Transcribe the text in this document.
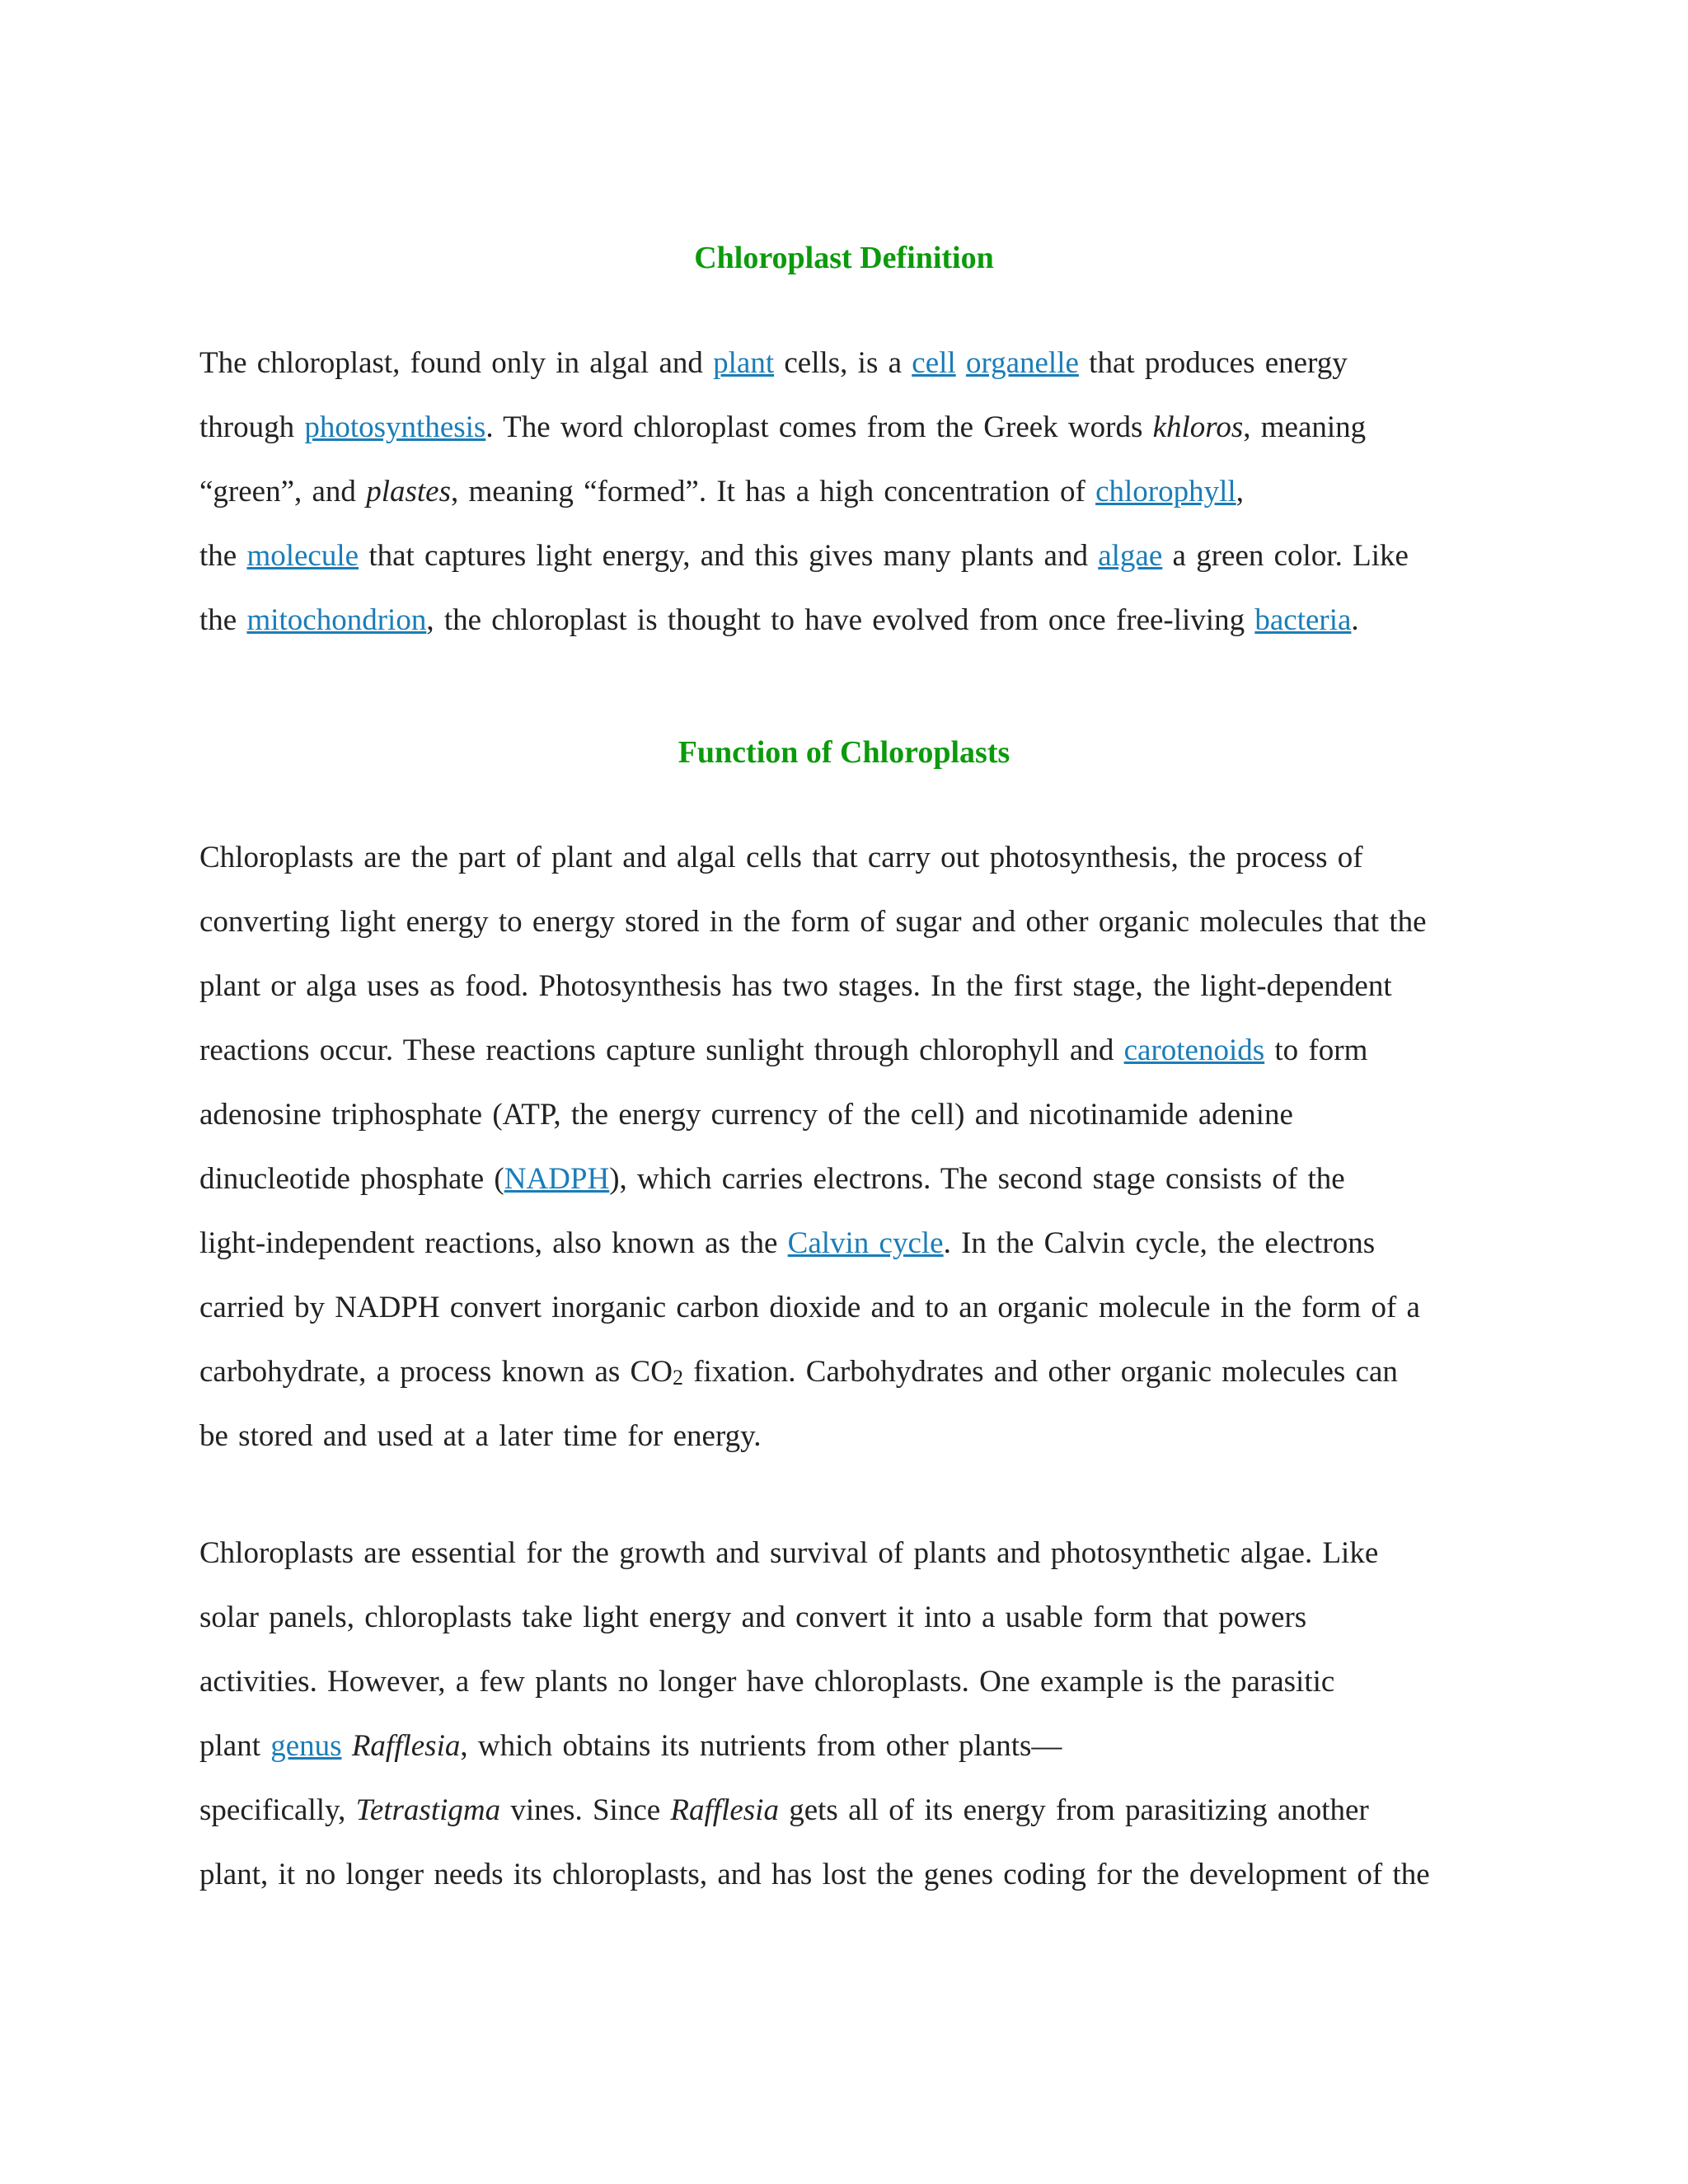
Chloroplast Definition
The chloroplast, found only in algal and plant cells, is a cell organelle that produces energy
through photosynthesis. The word chloroplast comes from the Greek words khloros, meaning
“green”, and plastes, meaning “formed”. It has a high concentration of chlorophyll,
the molecule that captures light energy, and this gives many plants and algae a green color. Like
the mitochondrion, the chloroplast is thought to have evolved from once free-living bacteria.
Function of Chloroplasts
Chloroplasts are the part of plant and algal cells that carry out photosynthesis, the process of
converting light energy to energy stored in the form of sugar and other organic molecules that the
plant or alga uses as food. Photosynthesis has two stages. In the first stage, the light-dependent
reactions occur. These reactions capture sunlight through chlorophyll and carotenoids to form
adenosine triphosphate (ATP, the energy currency of the cell) and nicotinamide adenine
dinucleotide phosphate (NADPH), which carries electrons. The second stage consists of the
light-independent reactions, also known as the Calvin cycle. In the Calvin cycle, the electrons
carried by NADPH convert inorganic carbon dioxide and to an organic molecule in the form of a
carbohydrate, a process known as $CO_2$ fixation. Carbohydrates and other organic molecules can
be stored and used at a later time for energy.
Chloroplasts are essential for the growth and survival of plants and photosynthetic algae. Like
solar panels, chloroplasts take light energy and convert it into a usable form that powers
activities. However, a few plants no longer have chloroplasts. One example is the parasitic
plant genus Rafflesia, which obtains its nutrients from other plants—
specifically, Tetrastigma vines. Since Rafflesia gets all of its energy from parasitizing another
plant, it no longer needs its chloroplasts, and has lost the genes coding for the development of the
